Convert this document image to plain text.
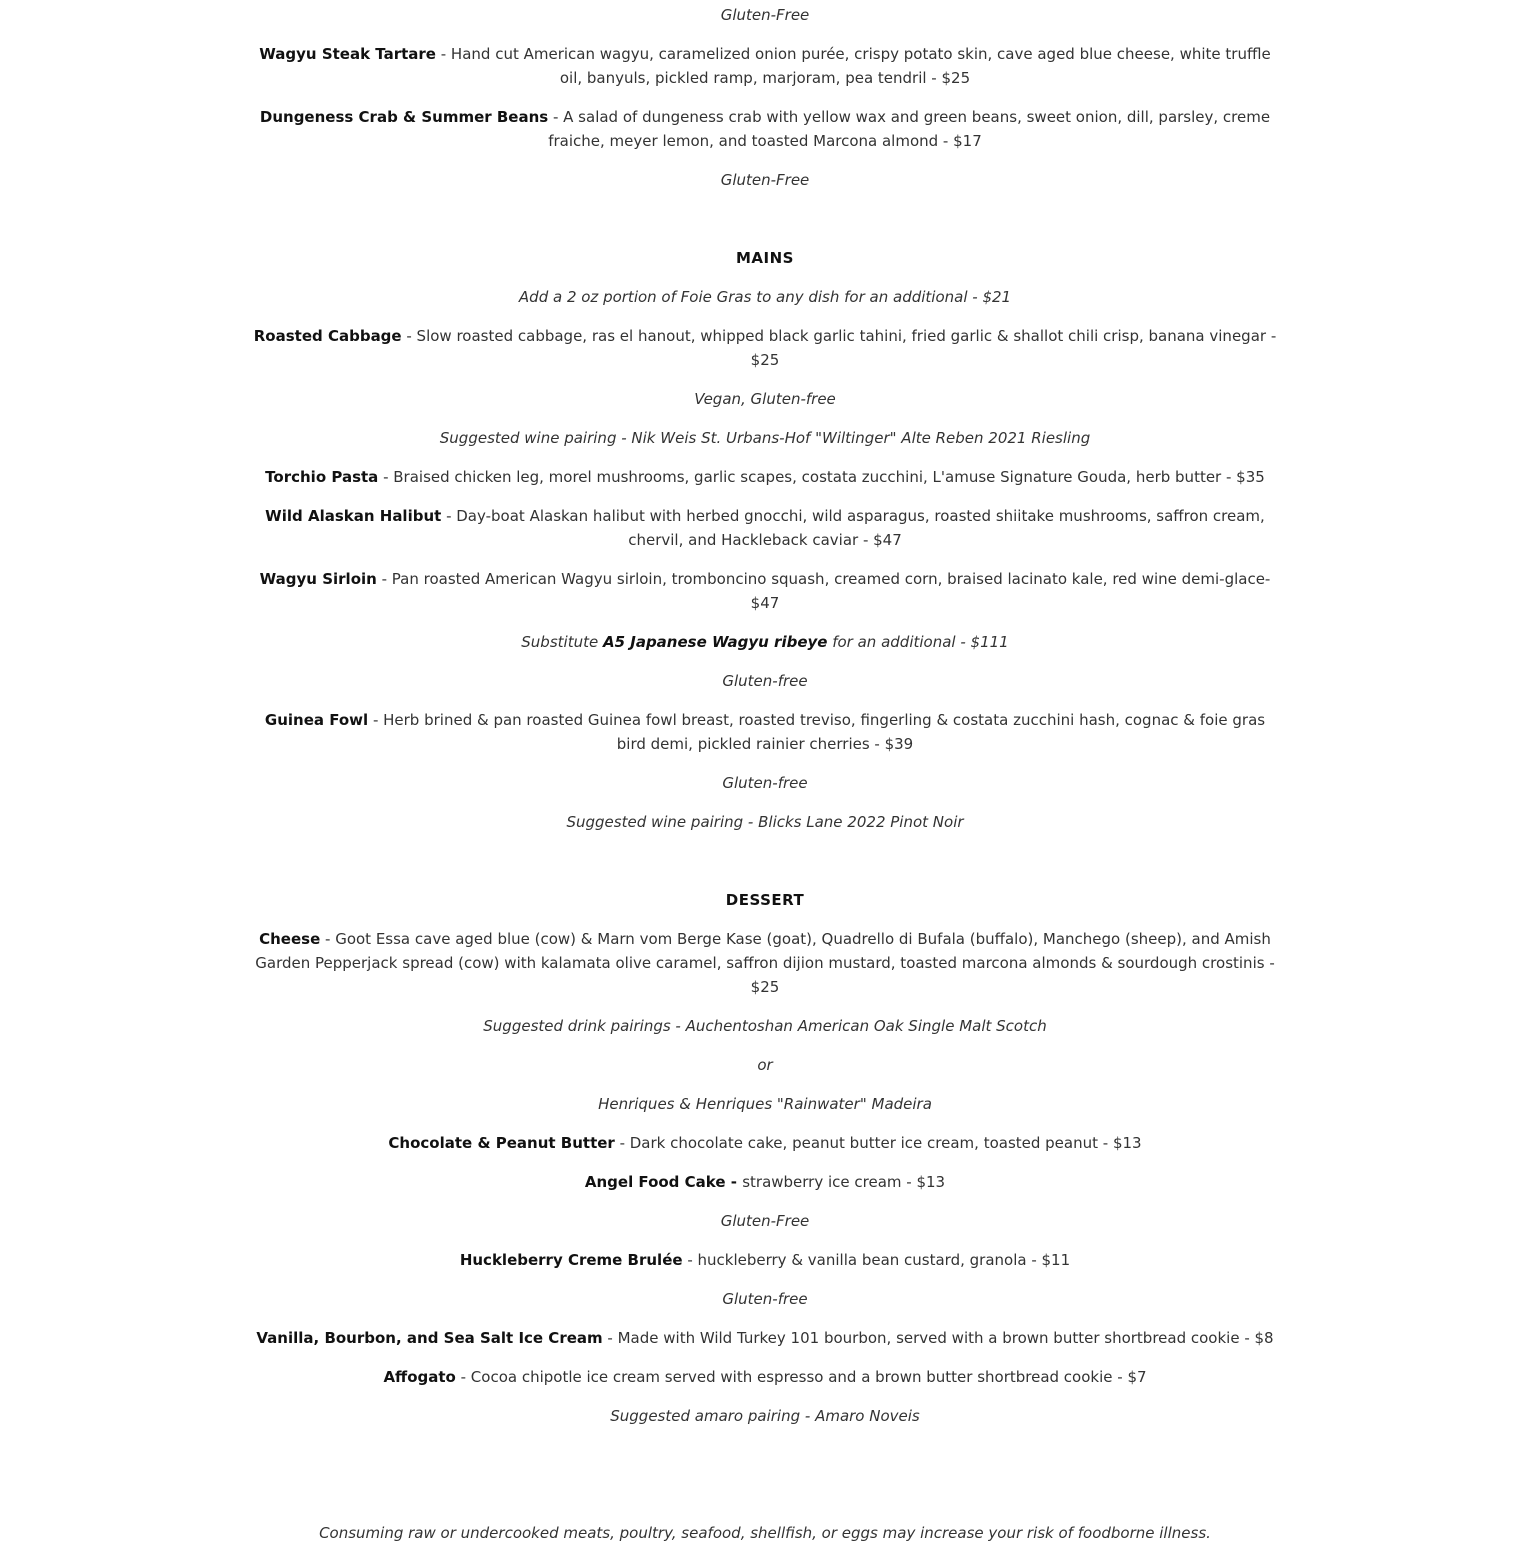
Gluten-Free

Wagyu Steak Tartare - Hand cut American wagyu, caramelized onion purée, crispy potato skin, cave aged blue cheese, white truffle oil, banyuls, pickled ramp, marjoram, pea tendril - $25

Dungeness Crab & Summer Beans - A salad of dungeness crab with yellow wax and green beans, sweet onion, dill, parsley, creme fraiche, meyer lemon, and toasted Marcona almond - $17

Gluten-Free

MAINS

Add a 2 oz portion of Foie Gras to any dish for an additional - $21

Roasted Cabbage - Slow roasted cabbage, ras el hanout, whipped black garlic tahini, fried garlic & shallot chili crisp, banana vinegar - $25

Vegan, Gluten-free

Suggested wine pairing - Nik Weis St. Urbans-Hof "Wiltinger" Alte Reben 2021 Riesling

Torchio Pasta - Braised chicken leg, morel mushrooms, garlic scapes, costata zucchini, L'amuse Signature Gouda, herb butter - $35

Wild Alaskan Halibut - Day-boat Alaskan halibut with herbed gnocchi, wild asparagus, roasted shiitake mushrooms, saffron cream, chervil, and Hackleback caviar - $47

Wagyu Sirloin - Pan roasted American Wagyu sirloin, tromboncino squash, creamed corn, braised lacinato kale, red wine demi-glace- $47

Substitute A5 Japanese Wagyu ribeye for an additional - $111

Gluten-free

Guinea Fowl - Herb brined & pan roasted Guinea fowl breast, roasted treviso, fingerling & costata zucchini hash, cognac & foie gras bird demi, pickled rainier cherries - $39

Gluten-free

Suggested wine pairing - Blicks Lane 2022 Pinot Noir

DESSERT

Cheese - Goot Essa cave aged blue (cow) & Marn vom Berge Kase (goat), Quadrello di Bufala (buffalo), Manchego (sheep), and Amish Garden Pepperjack spread (cow) with kalamata olive caramel, saffron dijion mustard, toasted marcona almonds & sourdough crostinis - $25

Suggested drink pairings - Auchentoshan American Oak Single Malt Scotch

or

Henriques & Henriques "Rainwater" Madeira

Chocolate & Peanut Butter - Dark chocolate cake, peanut butter ice cream, toasted peanut - $13

Angel Food Cake - strawberry ice cream - $13

Gluten-Free

Huckleberry Creme Brulée - huckleberry & vanilla bean custard, granola - $11

Gluten-free

Vanilla, Bourbon, and Sea Salt Ice Cream - Made with Wild Turkey 101 bourbon, served with a brown butter shortbread cookie - $8

Affogato - Cocoa chipotle ice cream served with espresso and a brown butter shortbread cookie - $7

Suggested amaro pairing - Amaro Noveis

Consuming raw or undercooked meats, poultry, seafood, shellfish, or eggs may increase your risk of foodborne illness.
